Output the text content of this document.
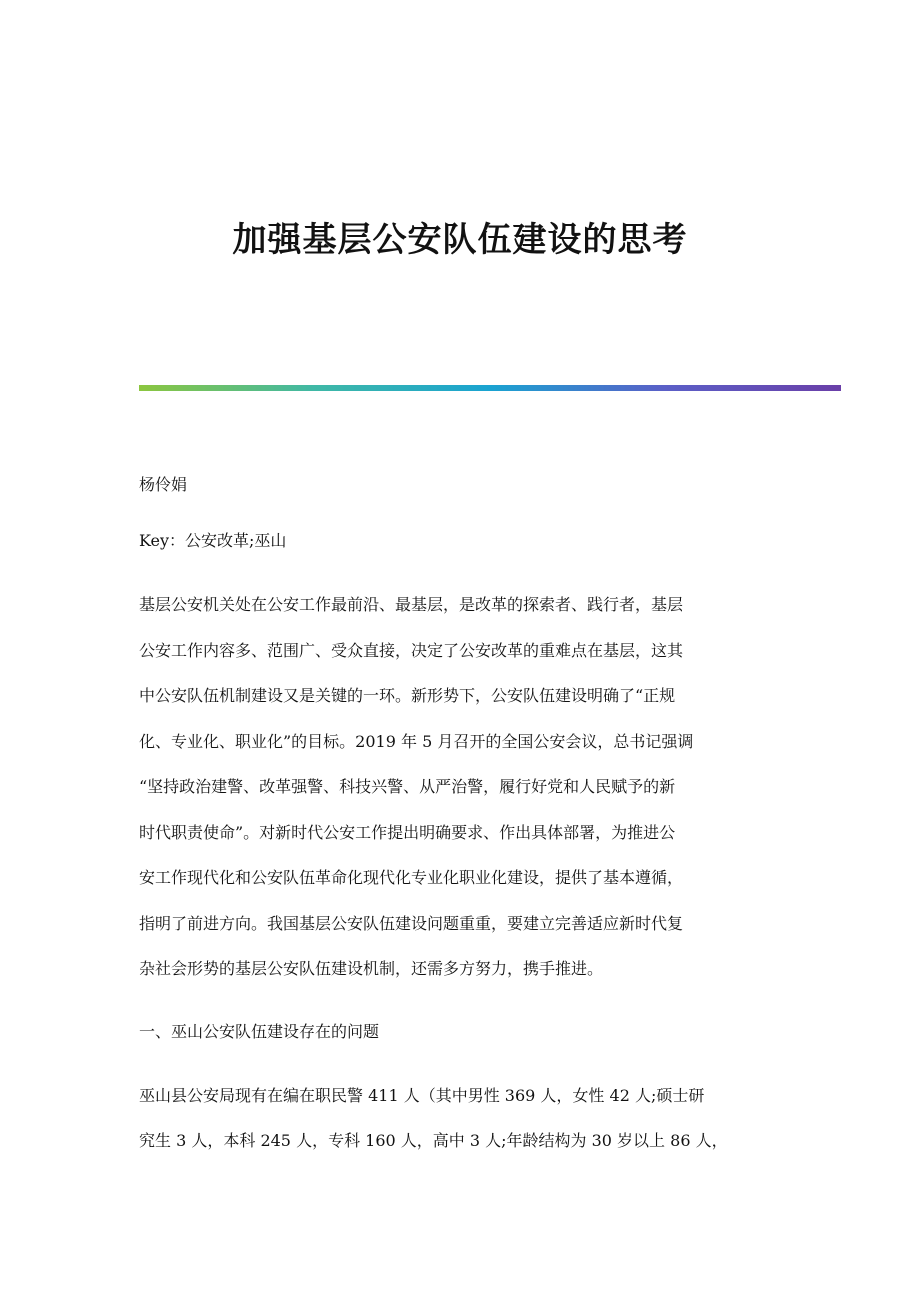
加强基层公安队伍建设的思考

杨伶娟

Key：公安改革;巫山

基层公安机关处在公安工作最前沿、最基层，是改革的探索者、践行者，基层

公安工作内容多、范围广、受众直接，决定了公安改革的重难点在基层，这其

中公安队伍机制建设又是关键的一环。新形势下，公安队伍建设明确了“正规

化、专业化、职业化”的目标。2019 年 5 月召开的全国公安会议，总书记强调

“坚持政治建警、改革强警、科技兴警、从严治警，履行好党和人民赋予的新

时代职责使命”。对新时代公安工作提出明确要求、作出具体部署，为推进公

安工作现代化和公安队伍革命化现代化专业化职业化建设，提供了基本遵循，

指明了前进方向。我国基层公安队伍建设问题重重，要建立完善适应新时代复

杂社会形势的基层公安队伍建设机制，还需多方努力，携手推进。

一、巫山公安队伍建设存在的问题

巫山县公安局现有在编在职民警 411 人（其中男性 369 人，女性 42 人;硕士研

究生 3 人，本科 245 人，专科 160 人，高中 3 人;年龄结构为 30 岁以上 86 人，
